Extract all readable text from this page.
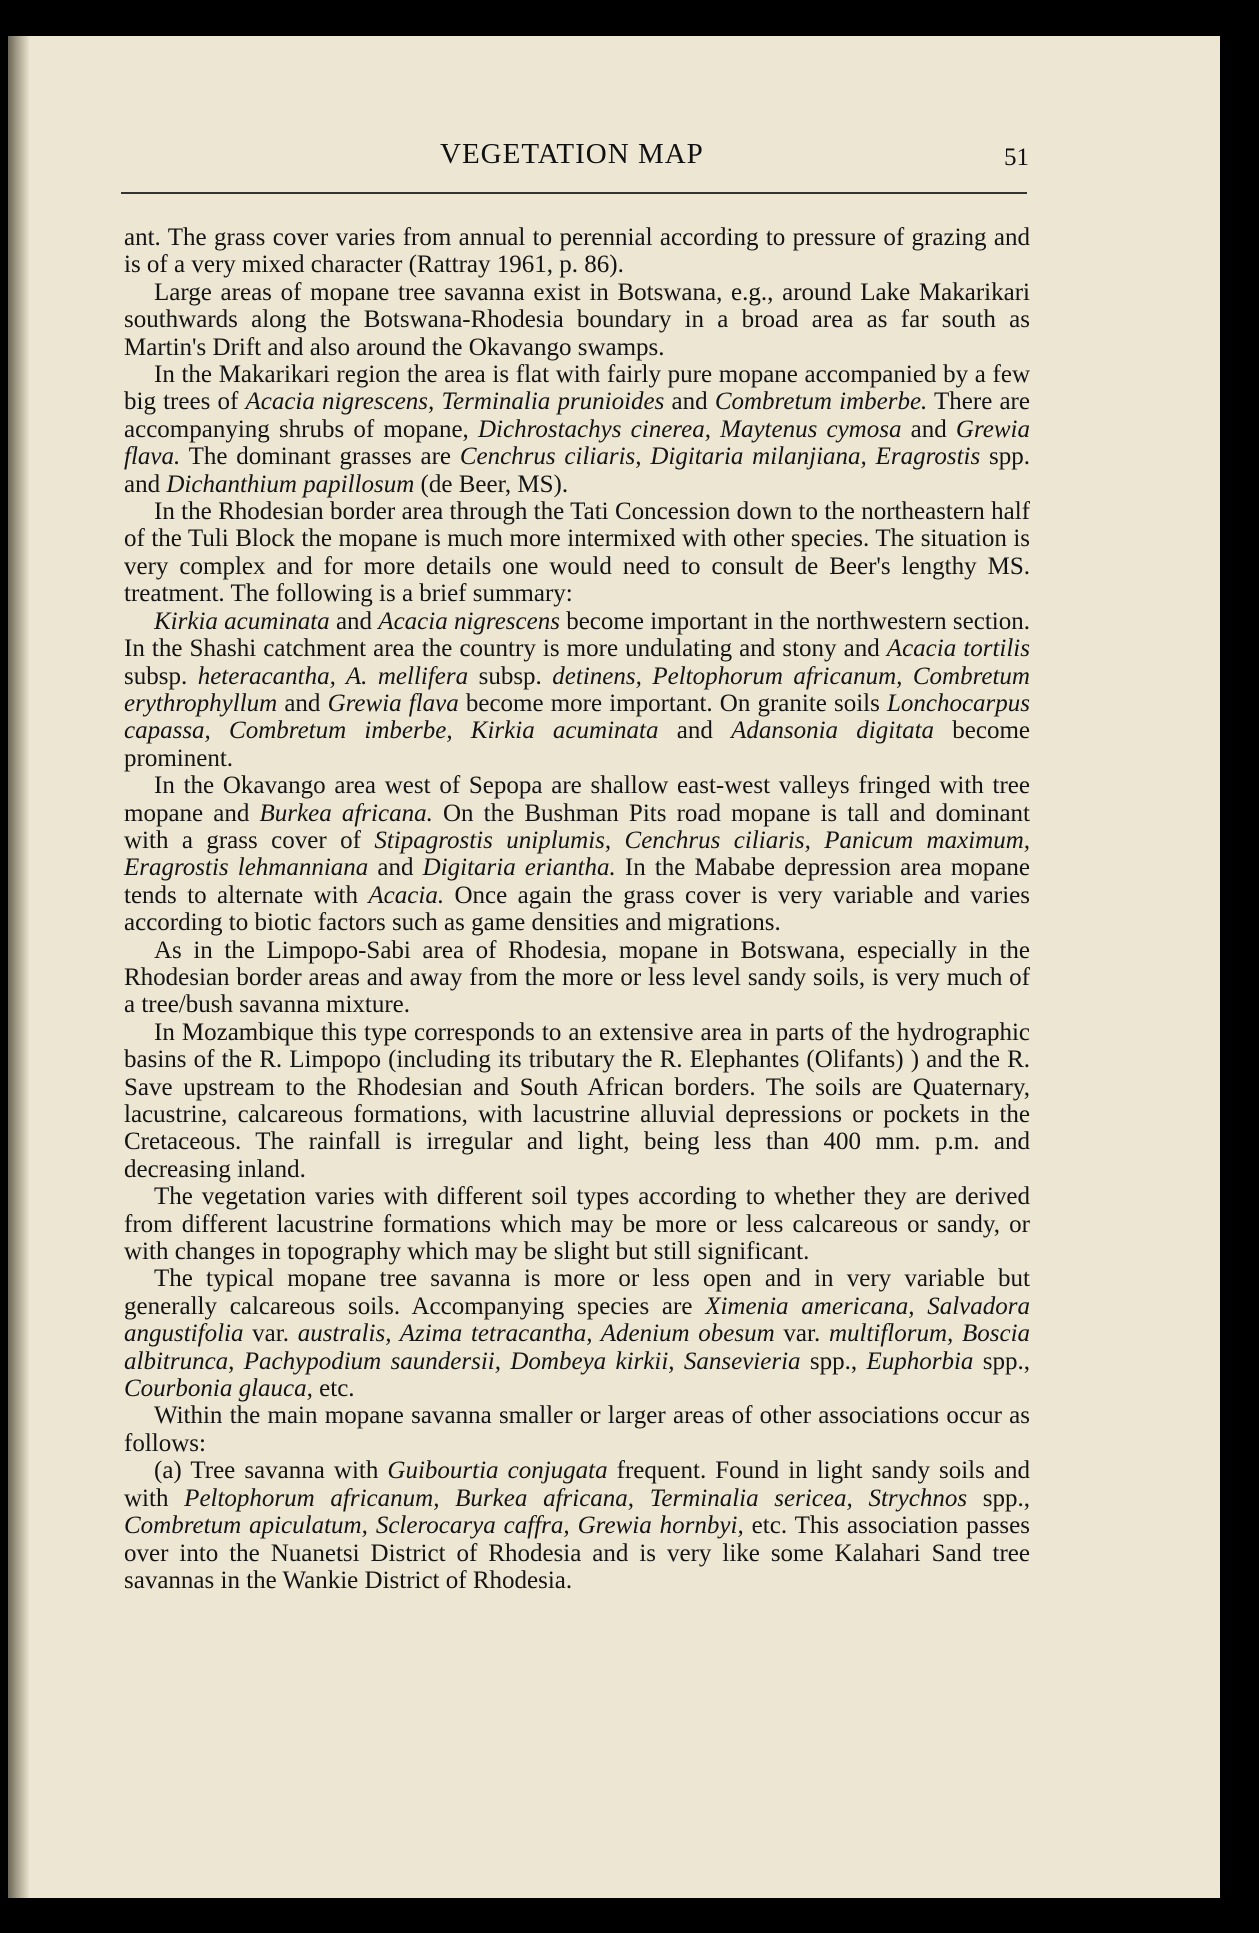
VEGETATION MAP	51

ant. The grass cover varies from annual to perennial according to pressure of grazing and is of a very mixed character (Rattray 1961, p. 86).

Large areas of mopane tree savanna exist in Botswana, e.g., around Lake Makarikari southwards along the Botswana-Rhodesia boundary in a broad area as far south as Martin's Drift and also around the Okavango swamps.

In the Makarikari region the area is flat with fairly pure mopane accompanied by a few big trees of Acacia nigrescens, Terminalia prunioides and Combretum imberbe. There are accompanying shrubs of mopane, Dichrostachys cinerea, Maytenus cymosa and Grewia flava. The dominant grasses are Cenchrus ciliaris, Digitaria milanjiana, Eragrostis spp. and Dichanthium papillosum (de Beer, MS).

In the Rhodesian border area through the Tati Concession down to the northeastern half of the Tuli Block the mopane is much more intermixed with other species. The situation is very complex and for more details one would need to consult de Beer's lengthy MS. treatment. The following is a brief summary:

Kirkia acuminata and Acacia nigrescens become important in the northwestern section. In the Shashi catchment area the country is more undulating and stony and Acacia tortilis subsp. heteracantha, A. mellifera subsp. detinens, Peltophorum africanum, Combretum erythrophyllum and Grewia flava become more important. On granite soils Lonchocarpus capassa, Combretum imberbe, Kirkia acuminata and Adansonia digitata become prominent.

In the Okavango area west of Sepopa are shallow east-west valleys fringed with tree mopane and Burkea africana. On the Bushman Pits road mopane is tall and dominant with a grass cover of Stipagrostis uniplumis, Cenchrus ciliaris, Panicum maximum, Eragrostis lehmanniana and Digitaria eriantha. In the Mababe depression area mopane tends to alternate with Acacia. Once again the grass cover is very variable and varies according to biotic factors such as game densities and migrations.

As in the Limpopo-Sabi area of Rhodesia, mopane in Botswana, especially in the Rhodesian border areas and away from the more or less level sandy soils, is very much of a tree/bush savanna mixture.

In Mozambique this type corresponds to an extensive area in parts of the hydrographic basins of the R. Limpopo (including its tributary the R. Elephantes (Olifants) ) and the R. Save upstream to the Rhodesian and South African borders. The soils are Quaternary, lacustrine, calcareous formations, with lacustrine alluvial depressions or pockets in the Cretaceous. The rainfall is irregular and light, being less than 400 mm. p.m. and decreasing inland.

The vegetation varies with different soil types according to whether they are derived from different lacustrine formations which may be more or less calcareous or sandy, or with changes in topography which may be slight but still significant.

The typical mopane tree savanna is more or less open and in very variable but generally calcareous soils. Accompanying species are Ximenia americana, Salvadora angustifolia var. australis, Azima tetracantha, Adenium obesum var. multiflorum, Boscia albitrunca, Pachypodium saundersii, Dombeya kirkii, Sansevieria spp., Euphorbia spp., Courbonia glauca, etc.

Within the main mopane savanna smaller or larger areas of other associations occur as follows:

(a) Tree savanna with Guibourtia conjugata frequent. Found in light sandy soils and with Peltophorum africanum, Burkea africana, Terminalia sericea, Strychnos spp., Combretum apiculatum, Sclerocarya caffra, Grewia hornbyi, etc. This association passes over into the Nuanetsi District of Rhodesia and is very like some Kalahari Sand tree savannas in the Wankie District of Rhodesia.
